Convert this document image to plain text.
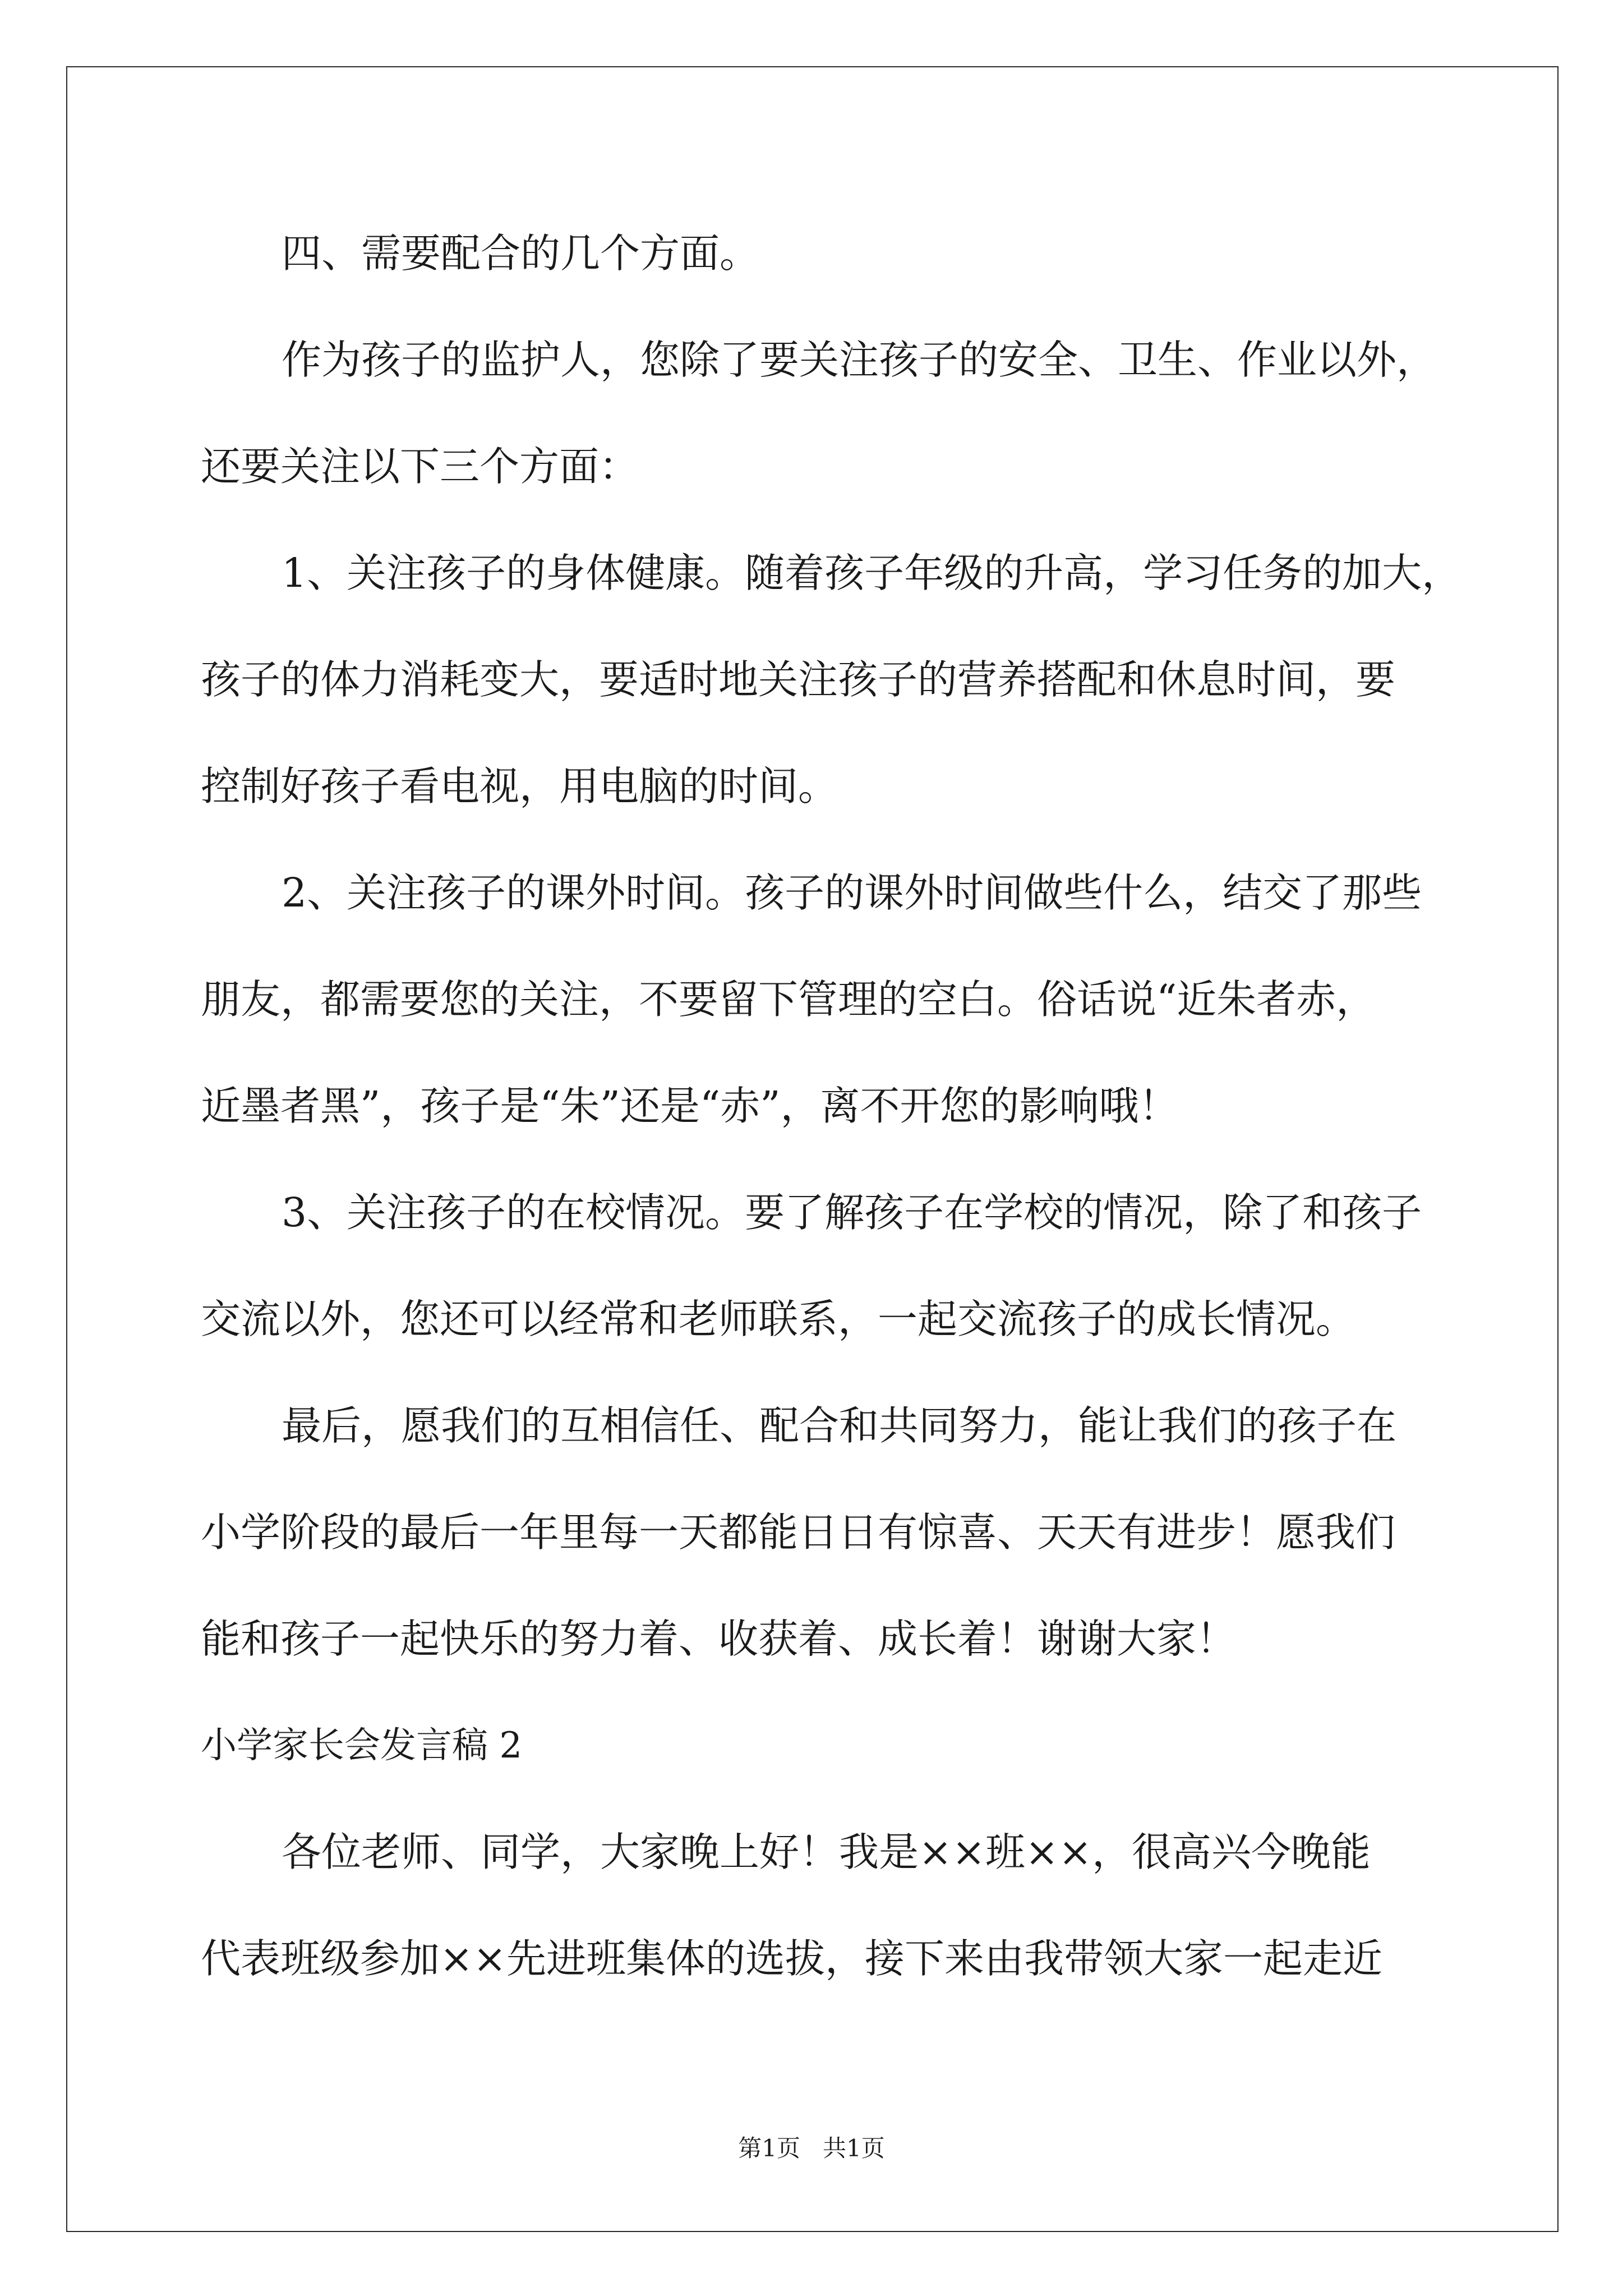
四、需要配合的几个方面。
作为孩子的监护人，您除了要关注孩子的安全、卫生、作业以外，
还要关注以下三个方面：
1、关注孩子的身体健康。随着孩子年级的升高，学习任务的加大，
孩子的体力消耗变大，要适时地关注孩子的营养搭配和休息时间，要
控制好孩子看电视，用电脑的时间。
2、关注孩子的课外时间。孩子的课外时间做些什么，结交了那些
朋友，都需要您的关注，不要留下管理的空白。俗话说“近朱者赤，
近墨者黑”，孩子是“朱”还是“赤”，离不开您的影响哦！
3、关注孩子的在校情况。要了解孩子在学校的情况，除了和孩子
交流以外，您还可以经常和老师联系，一起交流孩子的成长情况。
最后，愿我们的互相信任、配合和共同努力，能让我们的孩子在
小学阶段的最后一年里每一天都能日日有惊喜、天天有进步！愿我们
能和孩子一起快乐的努力着、收获着、成长着！谢谢大家！
小学家长会发言稿 2
各位老师、同学，大家晚上好！我是××班××，很高兴今晚能
代表班级参加××先进班集体的选拔，接下来由我带领大家一起走近
第1页   共1页
